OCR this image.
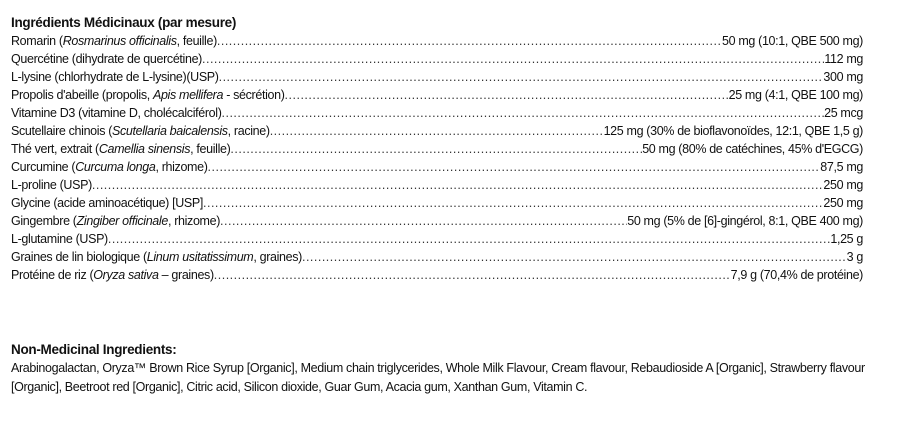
Ingrédients Médicinaux (par mesure)
Romarin (Rosmarinus officinalis, feuille) .....	50 mg (10:1, QBE 500 mg)
Quercétine (dihydrate de quercétine) .....	112 mg
L-lysine (chlorhydrate de L-lysine)(USP) .....	300 mg
Propolis d'abeille (propolis, Apis mellifera - sécrétion) .....	25 mg (4:1, QBE 100 mg)
Vitamine D3 (vitamine D, cholécalciférol) .....	25 mcg
Scutellaire chinois (Scutellaria baicalensis, racine) .....	125 mg (30% de bioflavonoïdes, 12:1, QBE 1,5 g)
Thé vert, extrait (Camellia sinensis, feuille) .....	50 mg (80% de catéchines, 45% d'EGCG)
Curcumine (Curcuma longa, rhizome) .....	87,5 mg
L-proline (USP) .....	250 mg
Glycine (acide aminoacétique) [USP] .....	250 mg
Gingembre (Zingiber officinale, rhizome) .....	50 mg (5% de [6]-gingérol, 8:1, QBE 400 mg)
L-glutamine (USP) .....	1,25 g
Graines de lin biologique (Linum usitatissimum, graines) .....	3 g
Protéine de riz (Oryza sativa – graines) .....	7,9 g (70,4% de protéine)
Non-Medicinal Ingredients:

Arabinogalactan, Oryza™ Brown Rice Syrup [Organic], Medium chain triglycerides, Whole Milk Flavour, Cream flavour, Rebaudioside A [Organic], Strawberry flavour [Organic], Beetroot red [Organic], Citric acid, Silicon dioxide, Guar Gum, Acacia gum, Xanthan Gum, Vitamin C.
